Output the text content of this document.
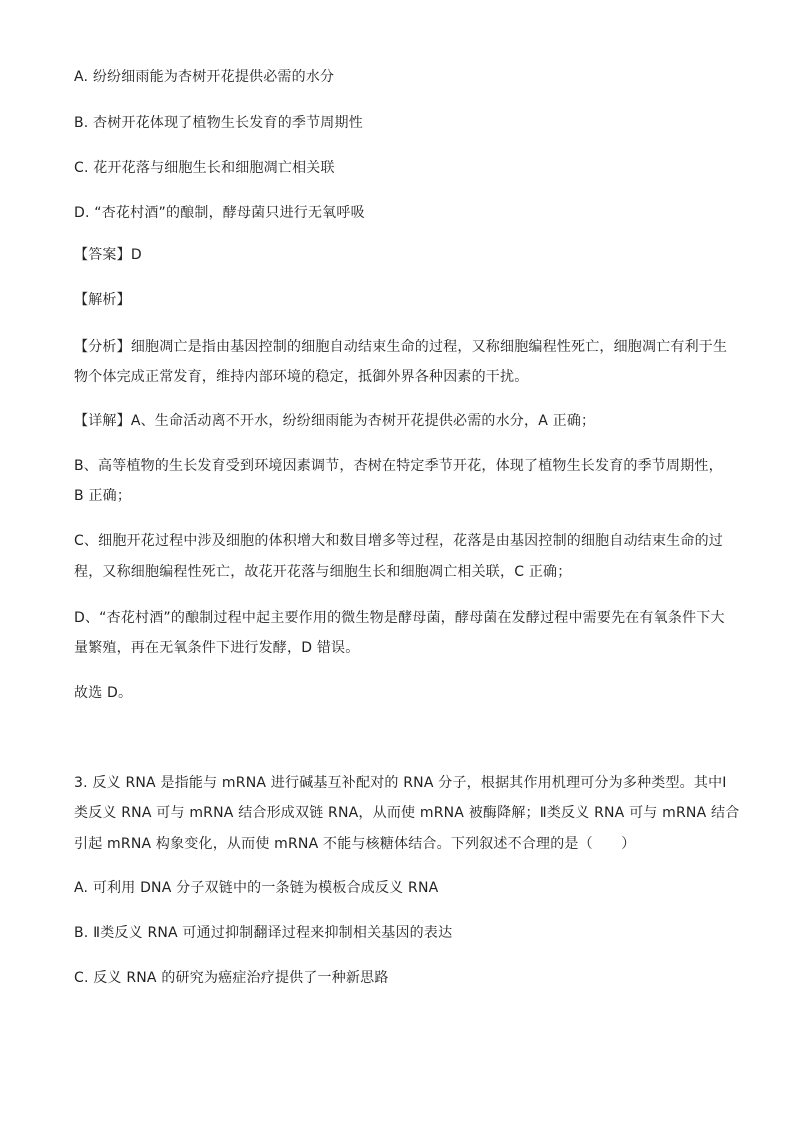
A. 纷纷细雨能为杏树开花提供必需的水分
B. 杏树开花体现了植物生长发育的季节周期性
C. 花开花落与细胞生长和细胞凋亡相关联
D. “杏花村酒”的酿制，酵母菌只进行无氧呼吸
【答案】D
【解析】
【分析】细胞凋亡是指由基因控制的细胞自动结束生命的过程，又称细胞编程性死亡，细胞凋亡有利于生
物个体完成正常发育，维持内部环境的稳定，抵御外界各种因素的干扰。
【详解】A、生命活动离不开水，纷纷细雨能为杏树开花提供必需的水分，A 正确；
B、高等植物的生长发育受到环境因素调节，杏树在特定季节开花，体现了植物生长发育的季节周期性，
B 正确；
C、细胞开花过程中涉及细胞的体积增大和数目增多等过程，花落是由基因控制的细胞自动结束生命的过
程，又称细胞编程性死亡，故花开花落与细胞生长和细胞凋亡相关联，C 正确；
D、“杏花村酒”的酿制过程中起主要作用的微生物是酵母菌，酵母菌在发酵过程中需要先在有氧条件下大
量繁殖，再在无氧条件下进行发酵，D 错误。
故选 D。
3. 反义 RNA 是指能与 mRNA 进行碱基互补配对的 RNA 分子，根据其作用机理可分为多种类型。其中Ⅰ
类反义 RNA 可与 mRNA 结合形成双链 RNA，从而使 mRNA 被酶降解；Ⅱ类反义 RNA 可与 mRNA 结合
引起 mRNA 构象变化，从而使 mRNA 不能与核糖体结合。下列叙述不合理的是（　　）
A. 可利用 DNA 分子双链中的一条链为模板合成反义 RNA
B. Ⅱ类反义 RNA 可通过抑制翻译过程来抑制相关基因的表达
C. 反义 RNA 的研究为癌症治疗提供了一种新思路
